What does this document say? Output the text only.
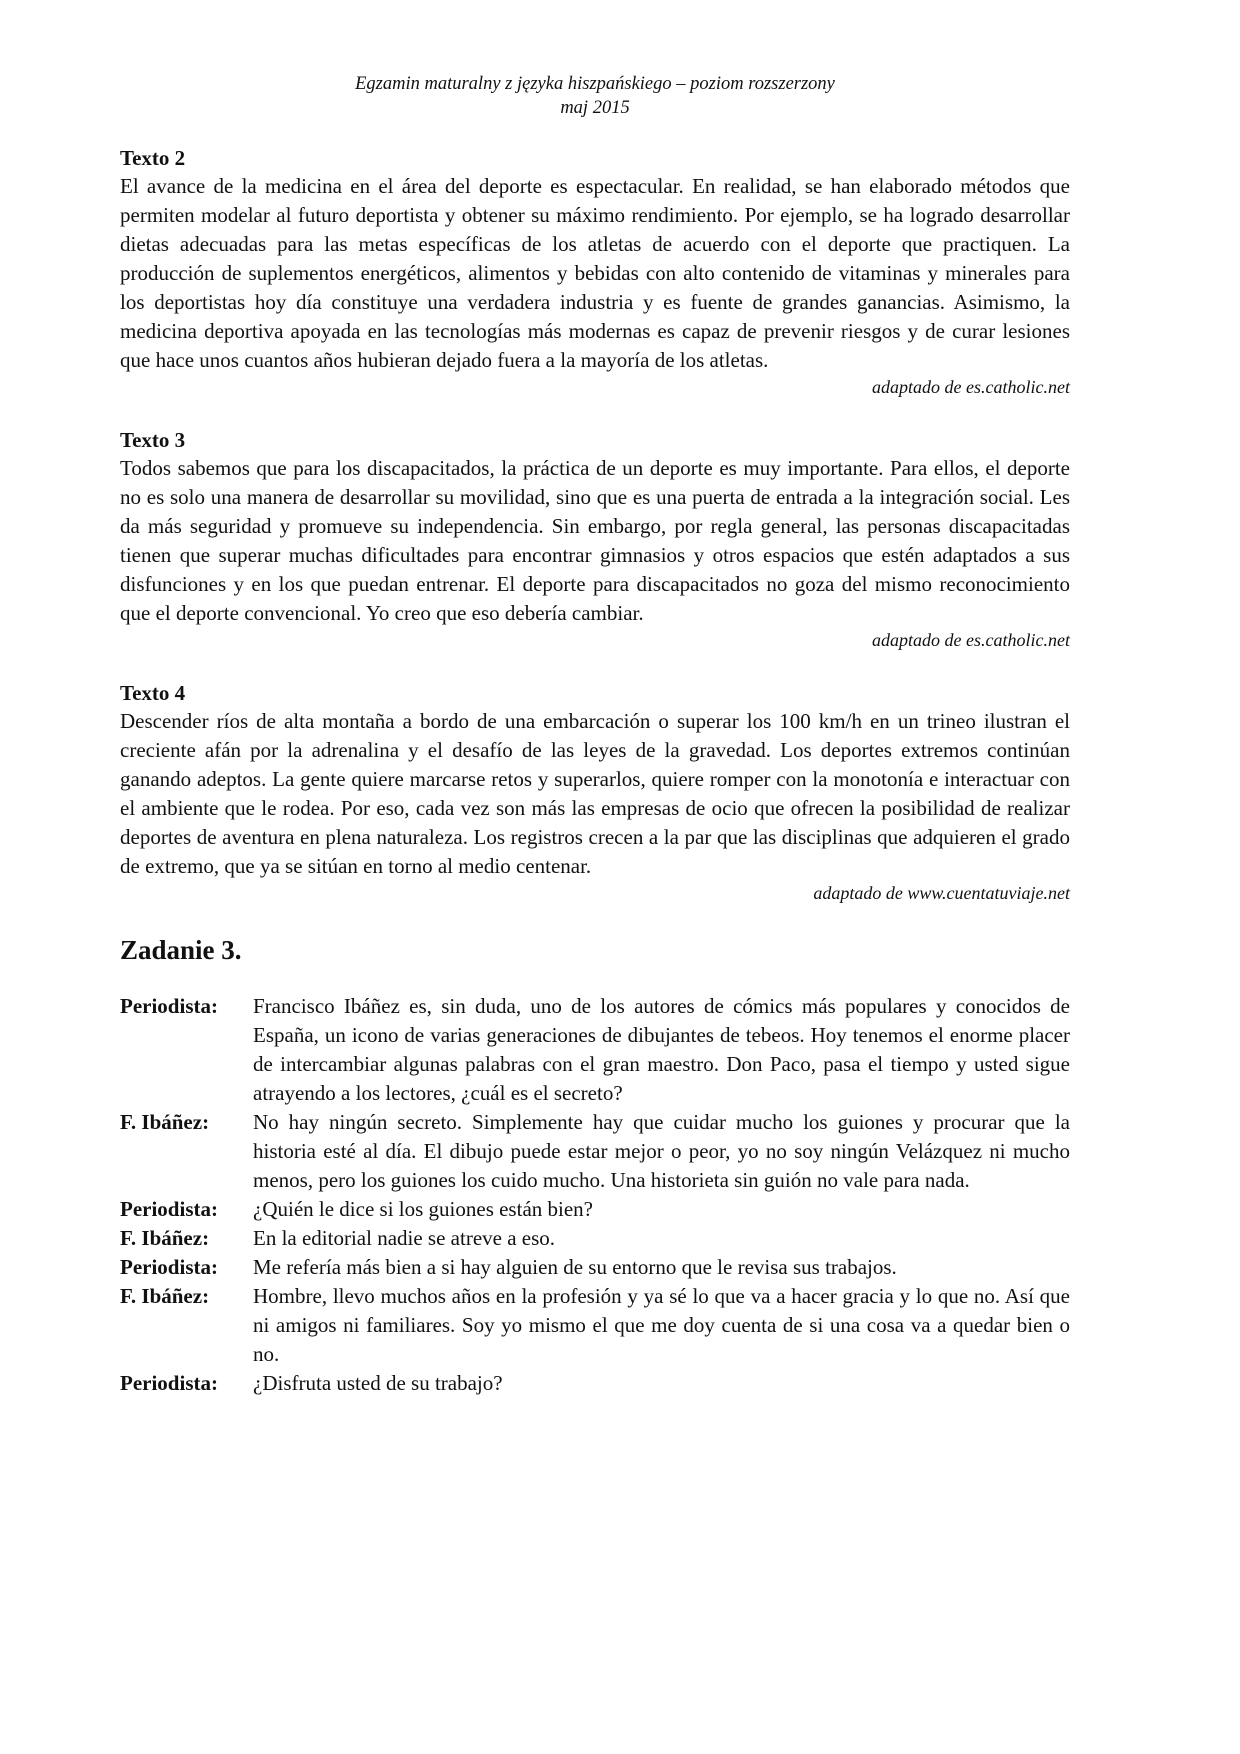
Egzamin maturalny z języka hiszpańskiego – poziom rozszerzony
maj 2015
Texto 2

El avance de la medicina en el área del deporte es espectacular. En realidad, se han elaborado métodos que permiten modelar al futuro deportista y obtener su máximo rendimiento. Por ejemplo, se ha logrado desarrollar dietas adecuadas para las metas específicas de los atletas de acuerdo con el deporte que practiquen. La producción de suplementos energéticos, alimentos y bebidas con alto contenido de vitaminas y minerales para los deportistas hoy día constituye una verdadera industria y es fuente de grandes ganancias. Asimismo, la medicina deportiva apoyada en las tecnologías más modernas es capaz de prevenir riesgos y de curar lesiones que hace unos cuantos años hubieran dejado fuera a la mayoría de los atletas.

adaptado de es.catholic.net
Texto 3

Todos sabemos que para los discapacitados, la práctica de un deporte es muy importante. Para ellos, el deporte no es solo una manera de desarrollar su movilidad, sino que es una puerta de entrada a la integración social. Les da más seguridad y promueve su independencia. Sin embargo, por regla general, las personas discapacitadas tienen que superar muchas dificultades para encontrar gimnasios y otros espacios que estén adaptados a sus disfunciones y en los que puedan entrenar. El deporte para discapacitados no goza del mismo reconocimiento que el deporte convencional. Yo creo que eso debería cambiar.

adaptado de es.catholic.net
Texto 4

Descender ríos de alta montaña a bordo de una embarcación o superar los 100 km/h en un trineo ilustran el creciente afán por la adrenalina y el desafío de las leyes de la gravedad. Los deportes extremos continúan ganando adeptos. La gente quiere marcarse retos y superarlos, quiere romper con la monotonía e interactuar con el ambiente que le rodea. Por eso, cada vez son más las empresas de ocio que ofrecen la posibilidad de realizar deportes de aventura en plena naturaleza. Los registros crecen a la par que las disciplinas que adquieren el grado de extremo, que ya se sitúan en torno al medio centenar.

adaptado de www.cuentatuviaje.net
Zadanie 3.
Periodista:	Francisco Ibáñez es, sin duda, uno de los autores de cómics más populares y conocidos de España, un icono de varias generaciones de dibujantes de tebeos. Hoy tenemos el enorme placer de intercambiar algunas palabras con el gran maestro. Don Paco, pasa el tiempo y usted sigue atrayendo a los lectores, ¿cuál es el secreto?
F. Ibáñez:	No hay ningún secreto. Simplemente hay que cuidar mucho los guiones y procurar que la historia esté al día. El dibujo puede estar mejor o peor, yo no soy ningún Velázquez ni mucho menos, pero los guiones los cuido mucho. Una historieta sin guión no vale para nada.
Periodista:	¿Quién le dice si los guiones están bien?
F. Ibáñez:	En la editorial nadie se atreve a eso.
Periodista:	Me refería más bien a si hay alguien de su entorno que le revisa sus trabajos.
F. Ibáñez:	Hombre, llevo muchos años en la profesión y ya sé lo que va a hacer gracia y lo que no. Así que ni amigos ni familiares. Soy yo mismo el que me doy cuenta de si una cosa va a quedar bien o no.
Periodista:	¿Disfruta usted de su trabajo?
